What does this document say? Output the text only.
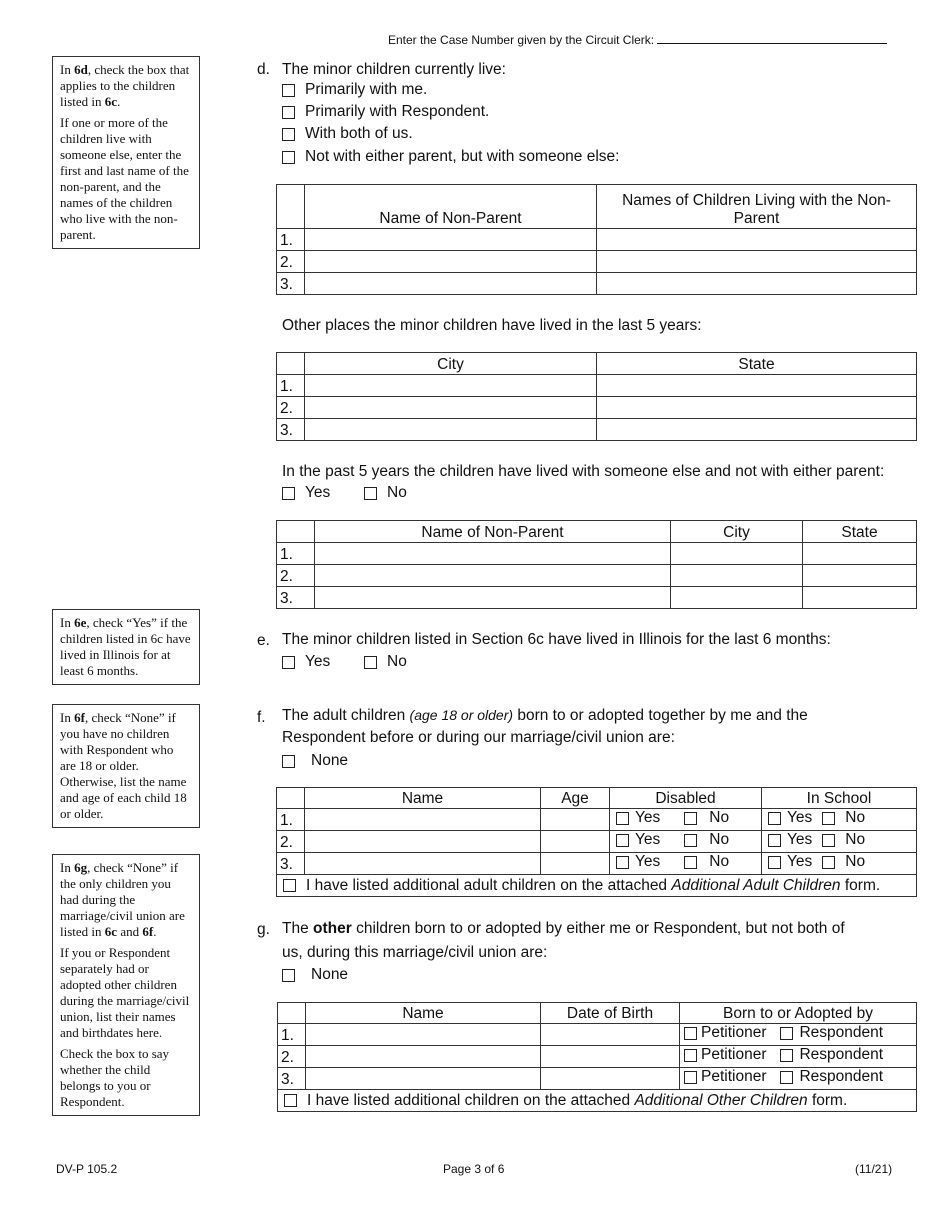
Enter the Case Number given by the Circuit Clerk:

In 6d, check the box that applies to the children listed in 6c.

If one or more of the children live with someone else, enter the first and last name of the non-parent, and the names of the children who live with the non-parent.

In 6e, check “Yes” if the children listed in 6c have lived in Illinois for at least 6 months.

In 6f, check “None” if you have no children with Respondent who are 18 or older. Otherwise, list the name and age of each child 18 or older.

In 6g, check “None” if the only children you had during the marriage/civil union are listed in 6c and 6f.

If you or Respondent separately had or adopted other children during the marriage/civil union, list their names and birthdates here.

Check the box to say whether the child belongs to you or Respondent.

d. The minor children currently live:
Primarily with me.
Primarily with Respondent.
With both of us.
Not with either parent, but with someone else:
	Name of Non-Parent	Names of Children Living with the Non-Parent
1.		
2.		
3.		
Other places the minor children have lived in the last 5 years:
	City	State
1.		
2.		
3.		
In the past 5 years the children have lived with someone else and not with either parent:
Yes	No
	Name of Non-Parent	City	State
1.			
2.			
3.			
e. The minor children listed in Section 6c have lived in Illinois for the last 6 months:
Yes	No
f. The adult children (age 18 or older) born to or adopted together by me and the
Respondent before or during our marriage/civil union are:
None
	Name	Age	Disabled	In School
1.			Yes No	Yes No

2.			Yes No	Yes No

3.			Yes No	Yes No

I have listed additional adult children on the attached Additional Adult Children form.				
g. The other children born to or adopted by either me or Respondent, but not both of
us, during this marriage/civil union are:
None
	Name	Date of Birth	Born to or Adopted by
1.			Petitioner Respondent

2.			Petitioner Respondent

3.			Petitioner Respondent

I have listed additional children on the attached Additional Other Children form.			
DV-P 105.2	Page 3 of 6	(11/21)
